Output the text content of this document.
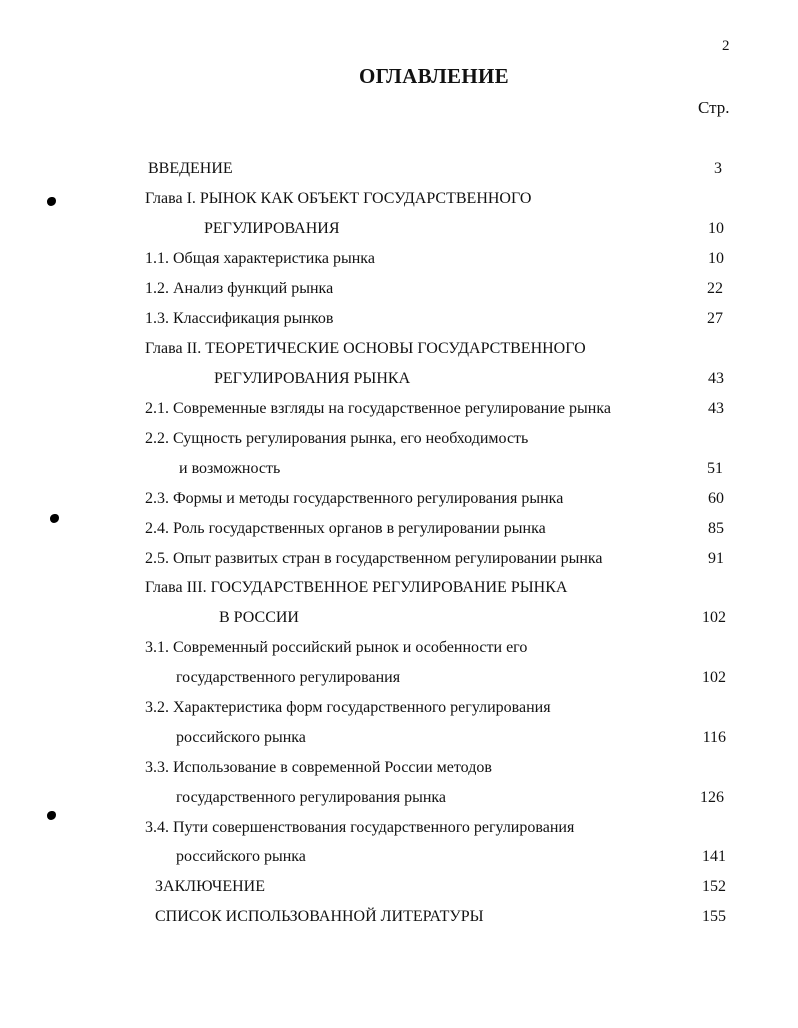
2
ОГЛАВЛЕНИЕ
Стр.
ВВЕДЕНИЕ	3
Глава I. РЫНОК КАК ОБЪЕКТ ГОСУДАРСТВЕННОГО
РЕГУЛИРОВАНИЯ	10
1.1. Общая характеристика рынка	10
1.2. Анализ функций рынка	22
1.3. Классификация рынков	27
Глава II. ТЕОРЕТИЧЕСКИЕ ОСНОВЫ ГОСУДАРСТВЕННОГО
РЕГУЛИРОВАНИЯ РЫНКА	43
2.1. Современные взгляды на государственное регулирование рынка	43
2.2. Сущность регулирования рынка, его необходимость
и возможность	51
2.3. Формы и методы государственного регулирования рынка	60
2.4. Роль государственных органов в регулировании рынка	85
2.5. Опыт развитых стран в государственном регулировании рынка	91
Глава III. ГОСУДАРСТВЕННОЕ РЕГУЛИРОВАНИЕ РЫНКА
В РОССИИ	102
3.1. Современный российский рынок и особенности его
государственного регулирования	102
3.2. Характеристика форм государственного регулирования
российского рынка	116
3.3. Использование в современной России методов
государственного регулирования рынка	126
3.4. Пути совершенствования государственного регулирования
российского рынка	141
ЗАКЛЮЧЕНИЕ	152
СПИСОК ИСПОЛЬЗОВАННОЙ ЛИТЕРАТУРЫ	155
